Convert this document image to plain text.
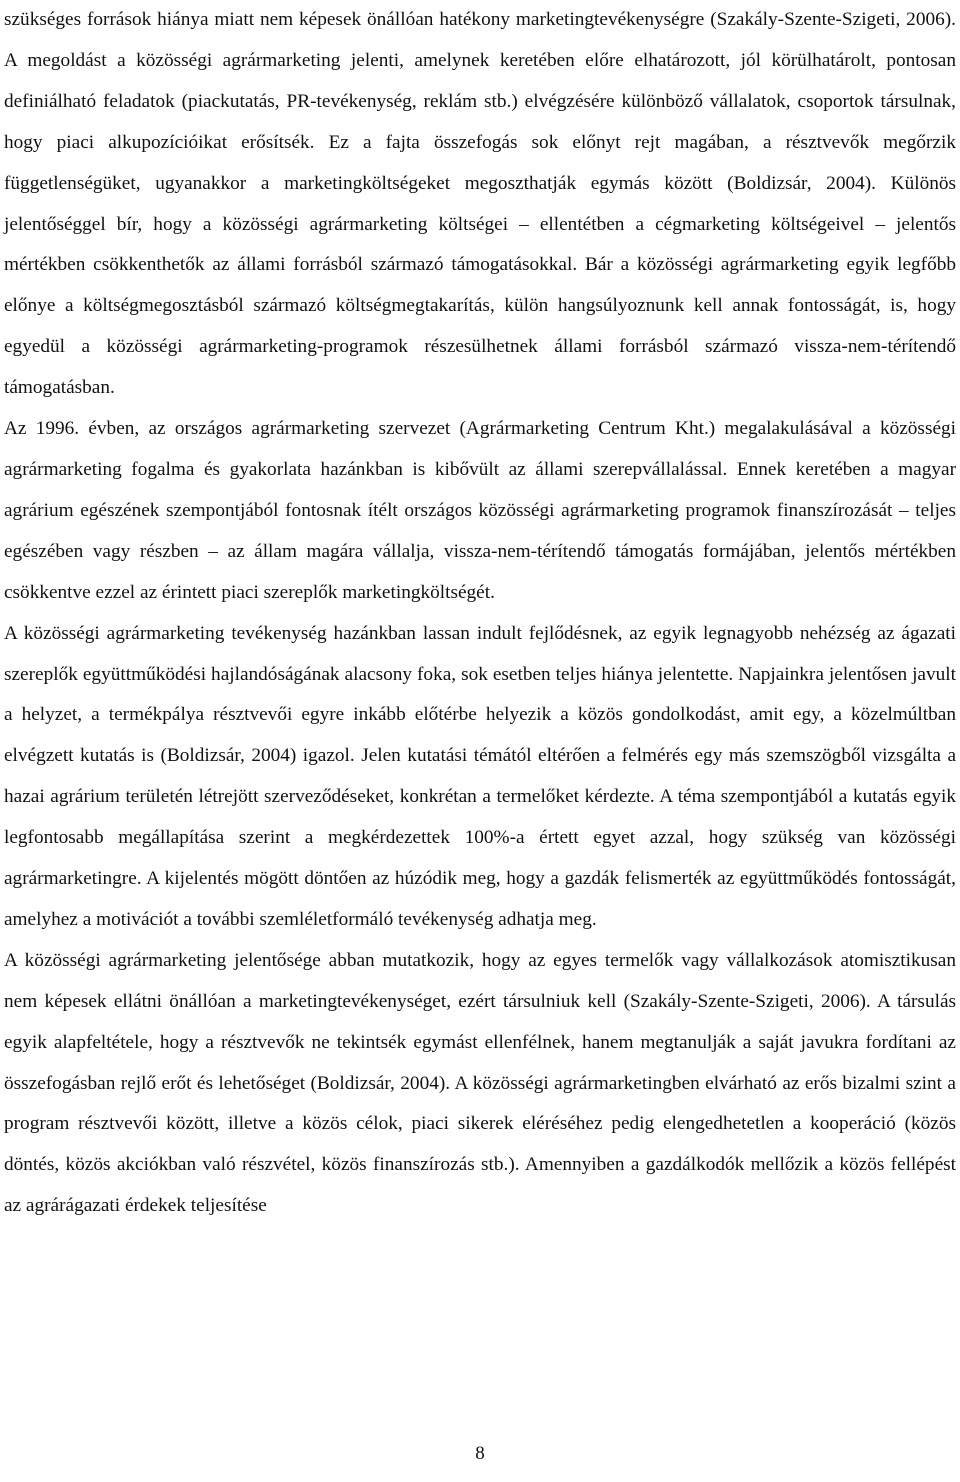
szükséges források hiánya miatt nem képesek önállóan hatékony marketingtevékenységre (Szakály-Szente-Szigeti, 2006). A megoldást a közösségi agrármarketing jelenti, amelynek keretében előre elhatározott, jól körülhatárolt, pontosan definiálható feladatok (piackutatás, PR-tevékenység, reklám stb.) elvégzésére különböző vállalatok, csoportok társulnak, hogy piaci alkupozícióikat erősítsék. Ez a fajta összefogás sok előnyt rejt magában, a résztvevők megőrzik függetlenségüket, ugyanakkor a marketingköltségeket megoszthatják egymás között (Boldizsár, 2004). Különös jelentőséggel bír, hogy a közösségi agrármarketing költségei – ellentétben a cégmarketing költségeivel – jelentős mértékben csökkenthetők az állami forrásból származó támogatásokkal. Bár a közösségi agrármarketing egyik legfőbb előnye a költségmegosztásból származó költségmegtakarítás, külön hangsúlyoznunk kell annak fontosságát, is, hogy egyedül a közösségi agrármarketing-programok részesülhetnek állami forrásból származó vissza-nem-térítendő támogatásban.

Az 1996. évben, az országos agrármarketing szervezet (Agrármarketing Centrum Kht.) megalakulásával a közösségi agrármarketing fogalma és gyakorlata hazánkban is kibővült az állami szerepvállalással. Ennek keretében a magyar agrárium egészének szempontjából fontosnak ítélt országos közösségi agrármarketing programok finanszírozását – teljes egészében vagy részben – az állam magára vállalja, vissza-nem-térítendő támogatás formájában, jelentős mértékben csökkentve ezzel az érintett piaci szereplők marketingköltségét.

A közösségi agrármarketing tevékenység hazánkban lassan indult fejlődésnek, az egyik legnagyobb nehézség az ágazati szereplők együttműködési hajlandóságának alacsony foka, sok esetben teljes hiánya jelentette. Napjainkra jelentősen javult a helyzet, a termékpálya résztvevői egyre inkább előtérbe helyezik a közös gondolkodást, amit egy, a közelmúltban elvégzett kutatás is (Boldizsár, 2004) igazol. Jelen kutatási témától eltérően a felmérés egy más szemszögből vizsgálta a hazai agrárium területén létrejött szerveződéseket, konkrétan a termelőket kérdezte. A téma szempontjából a kutatás egyik legfontosabb megállapítása szerint a megkérdezettek 100%-a értett egyet azzal, hogy szükség van közösségi agrármarketingre. A kijelentés mögött döntően az húzódik meg, hogy a gazdák felismerték az együttműködés fontosságát, amelyhez a motivációt a további szemléletformáló tevékenység adhatja meg.

A közösségi agrármarketing jelentősége abban mutatkozik, hogy az egyes termelők vagy vállalkozások atomisztikusan nem képesek ellátni önállóan a marketingtevékenységet, ezért társulniuk kell (Szakály-Szente-Szigeti, 2006). A társulás egyik alapfeltétele, hogy a résztvevők ne tekintsék egymást ellenfélnek, hanem megtanulják a saját javukra fordítani az összefogásban rejlő erőt és lehetőséget (Boldizsár, 2004). A közösségi agrármarketingben elvárható az erős bizalmi szint a program résztvevői között, illetve a közös célok, piaci sikerek eléréséhez pedig elengedhetetlen a kooperáció (közös döntés, közös akciókban való részvétel, közös finanszírozás stb.). Amennyiben a gazdálkodók mellőzik a közös fellépést az agrárágazati érdekek teljesítése

8
